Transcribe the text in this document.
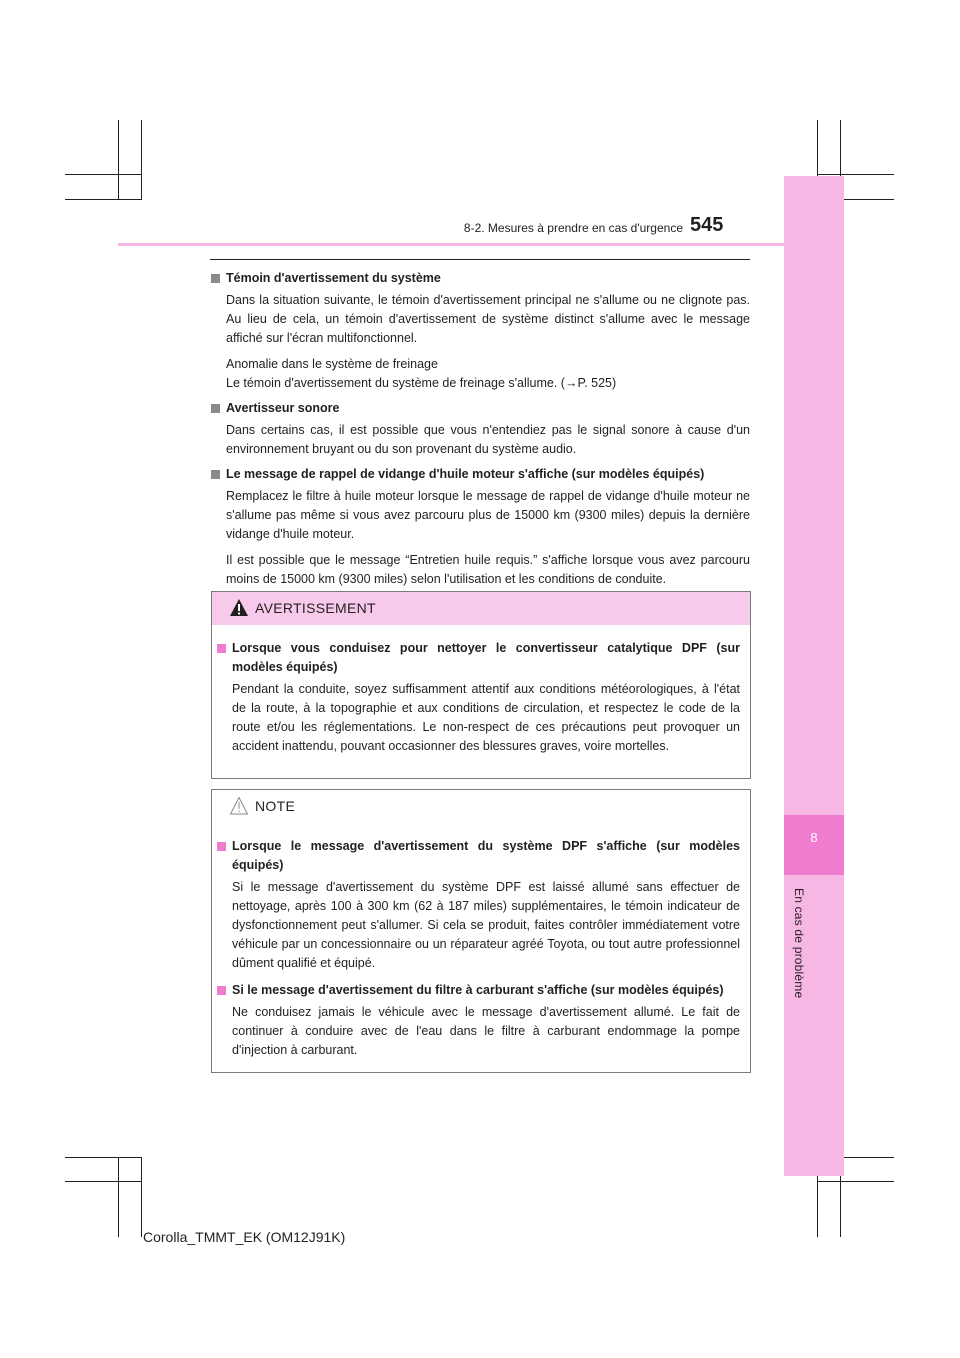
8
En cas de problème
8-2. Mesures à prendre en cas d'urgence 545
Témoin d'avertissement du système
Dans la situation suivante, le témoin d'avertissement principal ne s'allume ou ne clignote pas. Au lieu de cela, un témoin d'avertissement de système distinct s'allume avec le message affiché sur l'écran multifonctionnel.
Anomalie dans le système de freinage
Le témoin d'avertissement du système de freinage s'allume. (→P. 525)
Avertisseur sonore
Dans certains cas, il est possible que vous n'entendiez pas le signal sonore à cause d'un environnement bruyant ou du son provenant du système audio.
Le message de rappel de vidange d'huile moteur s'affiche (sur modèles équipés)
Remplacez le filtre à huile moteur lorsque le message de rappel de vidange d'huile moteur ne s'allume pas même si vous avez parcouru plus de 15000 km (9300 miles) depuis la dernière vidange d'huile moteur.
Il est possible que le message “Entretien huile requis.” s'affiche lorsque vous avez parcouru moins de 15000 km (9300 miles) selon l'utilisation et les conditions de conduite.
AVERTISSEMENT
Lorsque vous conduisez pour nettoyer le convertisseur catalytique DPF (sur modèles équipés)
Pendant la conduite, soyez suffisamment attentif aux conditions météorologiques, à l'état de la route, à la topographie et aux conditions de circulation, et respectez le code de la route et/ou les réglementations. Le non-respect de ces précautions peut provoquer un accident inattendu, pouvant occasionner des blessures graves, voire mortelles.
NOTE
Lorsque le message d'avertissement du système DPF s'affiche (sur modèles équipés)
Si le message d'avertissement du système DPF est laissé allumé sans effectuer de nettoyage, après 100 à 300 km (62 à 187 miles) supplémentaires, le témoin indicateur de dysfonctionnement peut s'allumer. Si cela se produit, faites contrôler immédiatement votre véhicule par un concessionnaire ou un réparateur agréé Toyota, ou tout autre professionnel dûment qualifié et équipé.
Si le message d'avertissement du filtre à carburant s'affiche (sur modèles équipés)
Ne conduisez jamais le véhicule avec le message d'avertissement allumé. Le fait de continuer à conduire avec de l'eau dans le filtre à carburant endommage la pompe d'injection à carburant.
Corolla_TMMT_EK (OM12J91K)
